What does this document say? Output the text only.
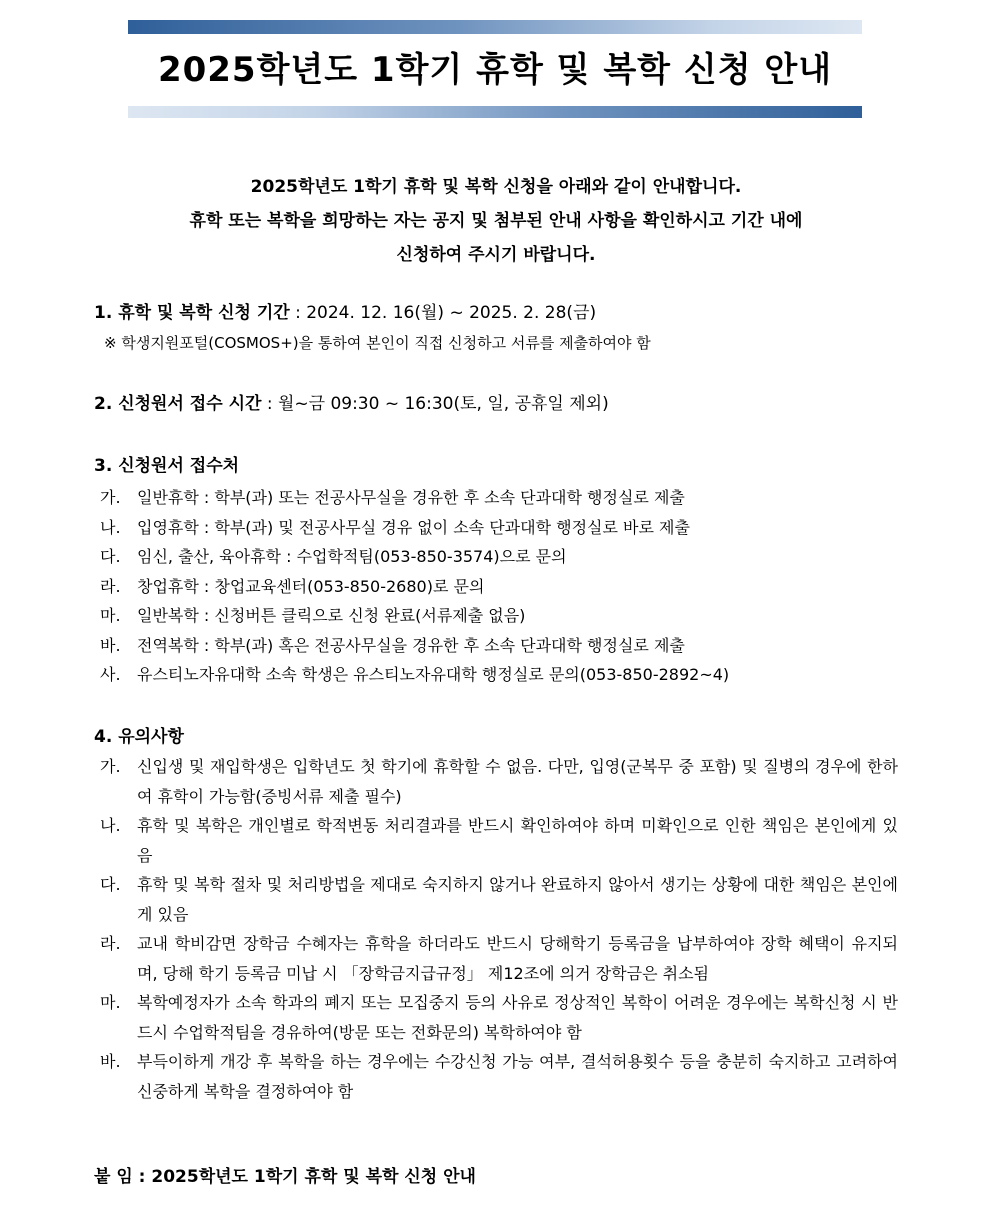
2025학년도 1학기 휴학 및 복학 신청 안내
2025학년도 1학기 휴학 및 복학 신청을 아래와 같이 안내합니다.
휴학 또는 복학을 희망하는 자는 공지 및 첨부된 안내 사항을 확인하시고 기간 내에
신청하여 주시기 바랍니다.
1. 휴학 및 복학 신청 기간 : 2024. 12. 16(월) ~ 2025. 2. 28(금)
※ 학생지원포털(COSMOS+)을 통하여 본인이 직접 신청하고 서류를 제출하여야 함
2. 신청원서 접수 시간 : 월~금 09:30 ~ 16:30(토, 일, 공휴일 제외)
3. 신청원서 접수처
가.	일반휴학 : 학부(과) 또는 전공사무실을 경유한 후 소속 단과대학 행정실로 제출
나.	입영휴학 : 학부(과) 및 전공사무실 경유 없이 소속 단과대학 행정실로 바로 제출
다.	임신, 출산, 육아휴학 : 수업학적팀(053-850-3574)으로 문의
라.	창업휴학 : 창업교육센터(053-850-2680)로 문의
마.	일반복학 : 신청버튼 클릭으로 신청 완료(서류제출 없음)
바.	전역복학 : 학부(과) 혹은 전공사무실을 경유한 후 소속 단과대학 행정실로 제출
사.	유스티노자유대학 소속 학생은 유스티노자유대학 행정실로 문의(053-850-2892~4)
4. 유의사항
가.	신입생 및 재입학생은 입학년도 첫 학기에 휴학할 수 없음. 다만, 입영(군복무 중 포함) 및 질병의 경우에 한하여 휴학이 가능함(증빙서류 제출 필수)
나.	휴학 및 복학은 개인별로 학적변동 처리결과를 반드시 확인하여야 하며 미확인으로 인한 책임은 본인에게 있음
다.	휴학 및 복학 절차 및 처리방법을 제대로 숙지하지 않거나 완료하지 않아서 생기는 상황에 대한 책임은 본인에게 있음
라.	교내 학비감면 장학금 수혜자는 휴학을 하더라도 반드시 당해학기 등록금을 납부하여야 장학 혜택이 유지되며, 당해 학기 등록금 미납 시 「장학금지급규정」 제12조에 의거 장학금은 취소됨
마.	복학예정자가 소속 학과의 폐지 또는 모집중지 등의 사유로 정상적인 복학이 어려운 경우에는 복학신청 시 반드시 수업학적팀을 경유하여(방문 또는 전화문의) 복학하여야 함
바.	부득이하게 개강 후 복학을 하는 경우에는 수강신청 가능 여부, 결석허용횟수 등을 충분히 숙지하고 고려하여 신중하게 복학을 결정하여야 함
붙 임 : 2025학년도 1학기 휴학 및 복학 신청 안내
